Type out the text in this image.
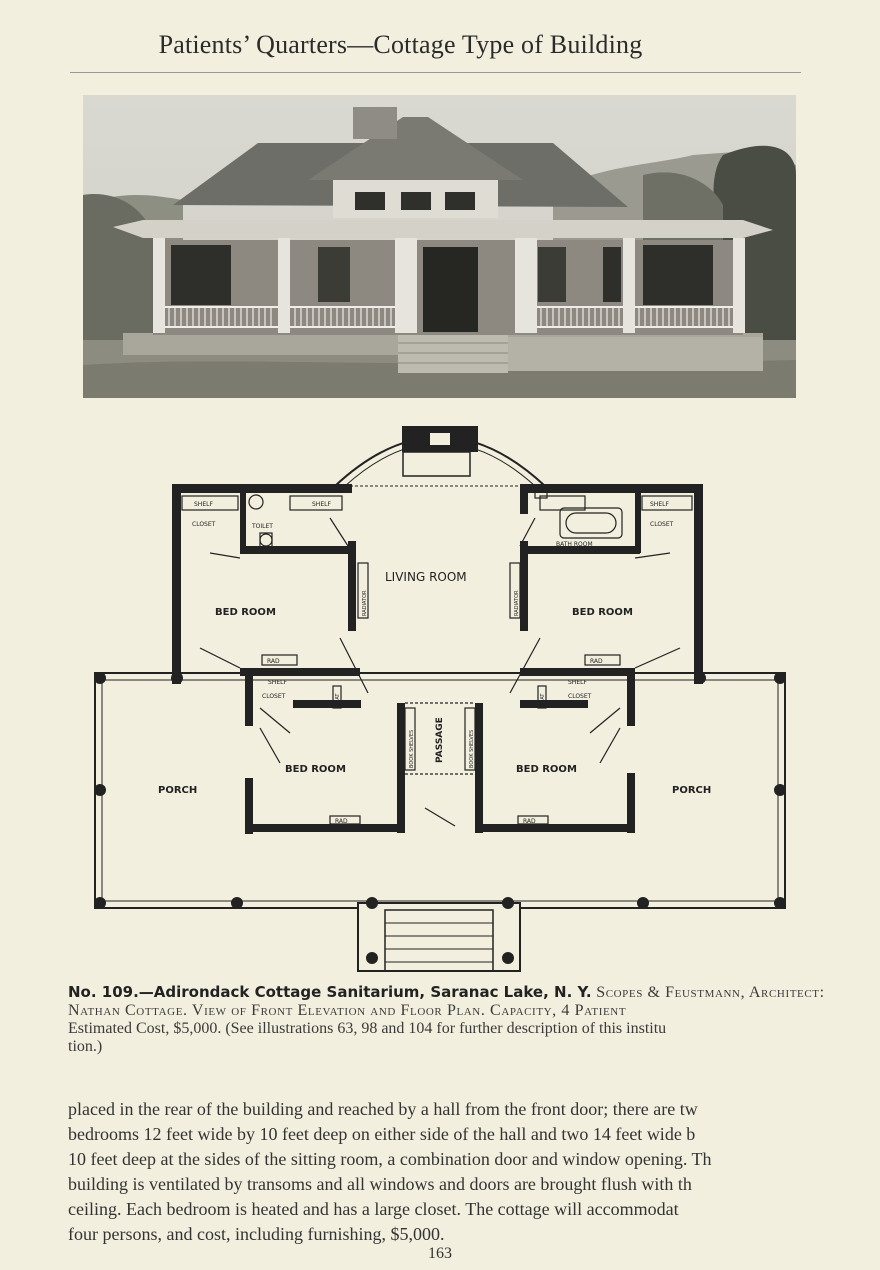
Patients’ Quarters—Cottage Type of Building
LIVING ROOM
BED ROOM	BED ROOM
BED ROOM	BED ROOM
BATH ROOM
CLOSET	CLOSET
CLOSET	CLOSET
SHELF	SHELF	SHELF
SHELF	SHELF
TOILET
PORCH	PORCH
PASSAGE
RAD	RAD
RAD	RAD
BOOK SHELVES	BOOK SHELVES
RADIATOR	RADIATOR
SEAT	SEAT
No. 109.—Adirondack Cottage Sanitarium, Saranac Lake, N. Y. Scopes & Feustmann, Architect:
Nathan Cottage. View of Front Elevation and Floor Plan. Capacity, 4 Patient
Estimated Cost, $5,000. (See illustrations 63, 98 and 104 for further description of this institu
tion.)
placed in the rear of the building and reached by a hall from the front door; there are tw
bedrooms 12 feet wide by 10 feet deep on either side of the hall and two 14 feet wide b
10 feet deep at the sides of the sitting room, a combination door and window opening. Th
building is ventilated by transoms and all windows and doors are brought flush with th
ceiling. Each bedroom is heated and has a large closet. The cottage will accommodat
four persons, and cost, including furnishing, $5,000.
163
